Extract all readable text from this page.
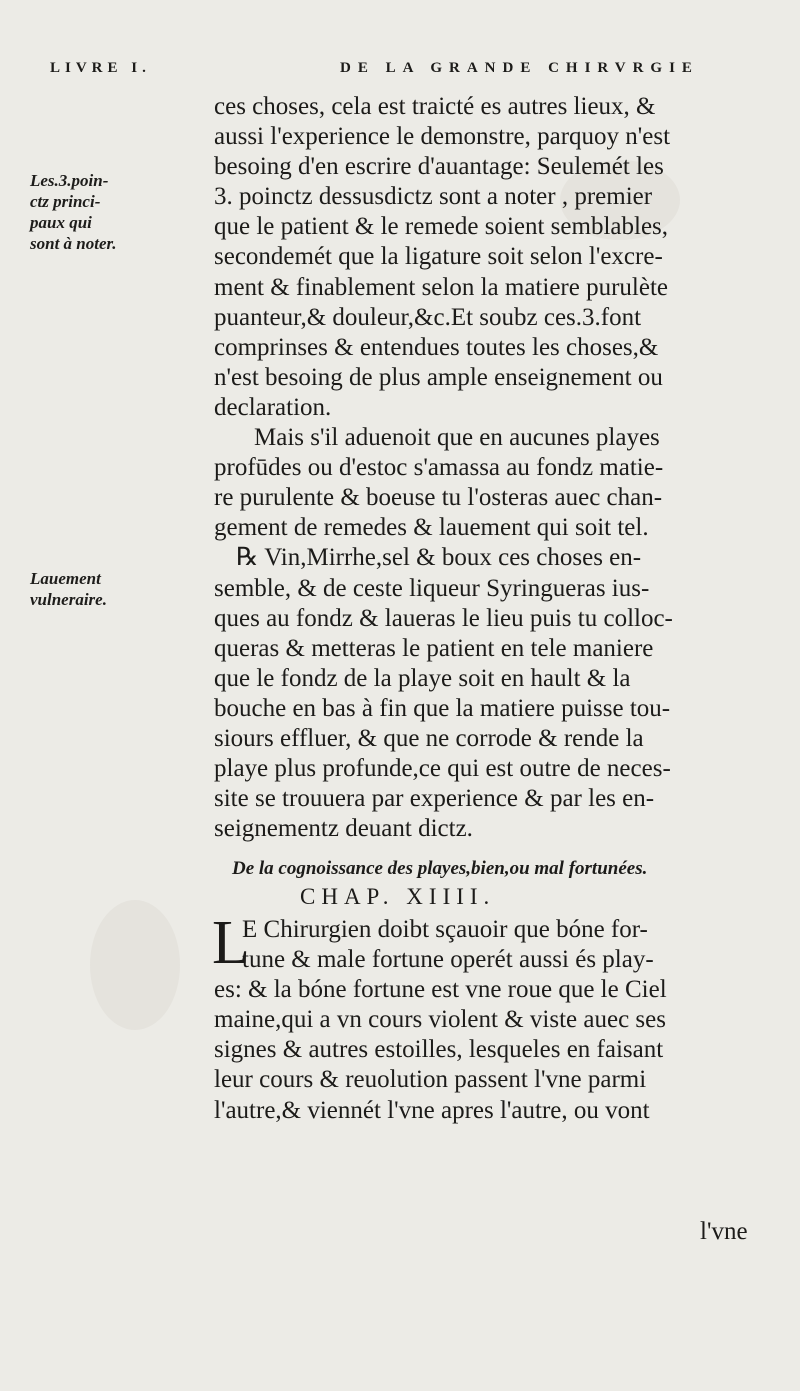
LIVRE I.	DE LA GRANDE CHIRVRGIE
Les.3.poin-
ctz princi-
paux qui
sont à noter.
Lauement
vulneraire.
ces choses, cela est traicté es autres lieux, &
aussi l'experience le demonstre, parquoy n'est
besoing d'en escrire d'auantage: Seulemét les
3. poinctz dessusdictz sont a noter , premier
que le patient & le remede soient semblables,
secondemét que la ligature soit selon l'excre-
ment & finablement selon la matiere purulète
puanteur,& douleur,&c.Et soubz ces.3.font
comprinses & entendues toutes les choses,&
n'est besoing de plus ample enseignement ou
declaration.
Mais s'il aduenoit que en aucunes playes
profūdes ou d'estoc s'amassa au fondz matie-
re purulente & boeuse tu l'osteras auec chan-
gement de remedes & lauement qui soit tel.
℞ Vin,Mirrhe,sel & boux ces choses en-
semble, & de ceste liqueur Syringueras ius-
ques au fondz & laueras le lieu puis tu colloc-
queras & metteras le patient en tele maniere
que le fondz de la playe soit en hault & la
bouche en bas à fin que la matiere puisse tou-
siours effluer, & que ne corrode & rende la
playe plus profunde,ce qui est outre de neces-
site se trouuera par experience & par les en-
seignementz deuant dictz.
De la cognoissance des playes,bien,ou mal fortunées.
CHAP. XIIII.
L
E Chirurgien doibt sçauoir que bóne for-
tune & male fortune operét aussi és play-
es: & la bóne fortune est vne roue que le Ciel
maine,qui a vn cours violent & viste auec ses
signes & autres estoilles, lesqueles en faisant
leur cours & reuolution passent l'vne parmi
l'autre,& viennét l'vne apres l'autre, ou vont
l'vne
